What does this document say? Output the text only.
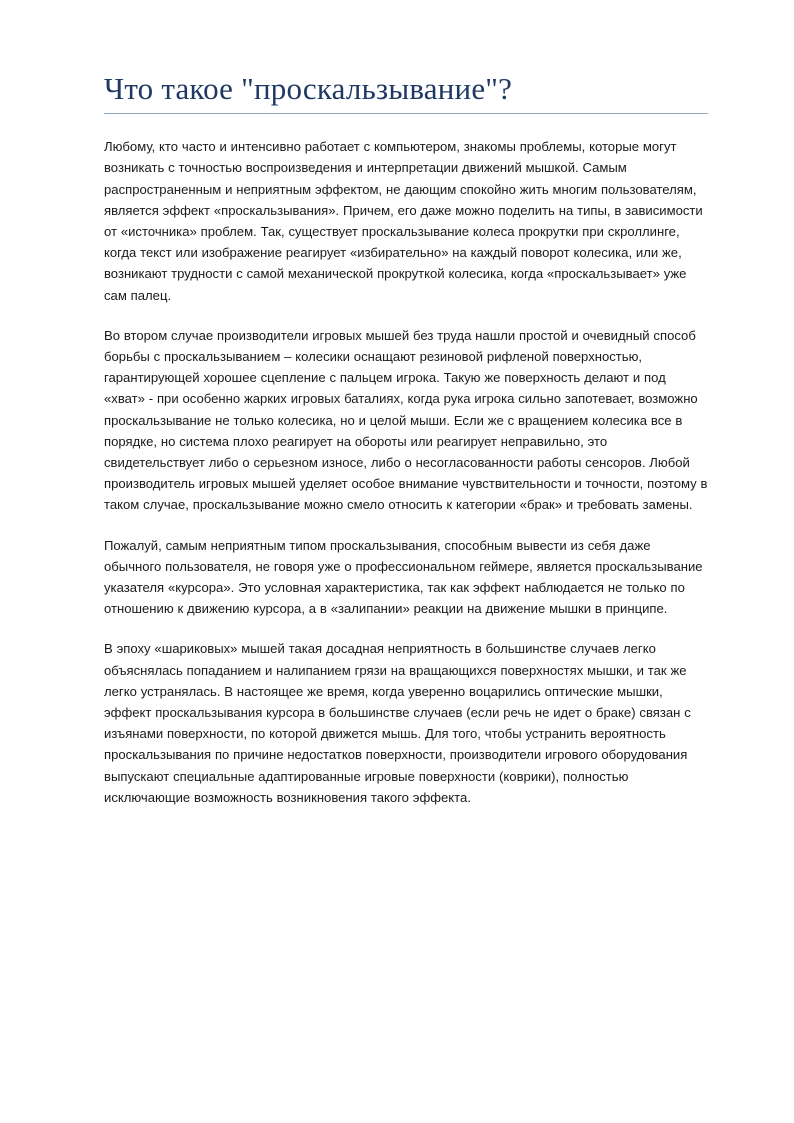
Что такое "проскальзывание"?

Любому, кто часто и интенсивно работает с компьютером, знакомы проблемы, которые могут возникать с точностью воспроизведения и интерпретации движений мышкой. Самым распространенным и неприятным эффектом, не дающим спокойно жить многим пользователям, является эффект «проскальзывания». Причем, его даже можно поделить на типы, в зависимости от «источника» проблем. Так, существует проскальзывание колеса прокрутки при скроллинге, когда текст или изображение реагирует «избирательно» на каждый поворот колесика, или же, возникают трудности с самой механической прокруткой колесика, когда «проскальзывает» уже сам палец.

Во втором случае производители игровых мышей без труда нашли простой и очевидный способ борьбы с проскальзыванием – колесики оснащают резиновой рифленой поверхностью, гарантирующей хорошее сцепление с пальцем игрока. Такую же поверхность делают и под «хват» - при особенно жарких игровых баталиях, когда рука игрока сильно запотевает, возможно проскальзывание не только колесика, но и целой мыши. Если же с вращением колесика все в порядке, но система плохо реагирует на обороты или реагирует неправильно, это свидетельствует либо о серьезном износе, либо о несогласованности работы сенсоров. Любой производитель игровых мышей уделяет особое внимание чувствительности и точности, поэтому в таком случае, проскальзывание можно смело относить к категории «брак» и требовать замены.

Пожалуй, самым неприятным типом проскальзывания, способным вывести из себя даже обычного пользователя, не говоря уже о профессиональном геймере, является проскальзывание указателя «курсора». Это условная характеристика, так как эффект наблюдается не только по отношению к движению курсора, а в «залипании» реакции на движение мышки в принципе.

В эпоху «шариковых» мышей такая досадная неприятность в большинстве случаев легко объяснялась попаданием и налипанием грязи на вращающихся поверхностях мышки, и так же легко устранялась. В настоящее же время, когда уверенно воцарились оптические мышки, эффект проскальзывания курсора в большинстве случаев (если речь не идет о браке) связан с изъянами поверхности, по которой движется мышь. Для того, чтобы устранить вероятность проскальзывания по причине недостатков поверхности, производители игрового оборудования выпускают специальные адаптированные игровые поверхности (коврики), полностью исключающие возможность возникновения такого эффекта.
